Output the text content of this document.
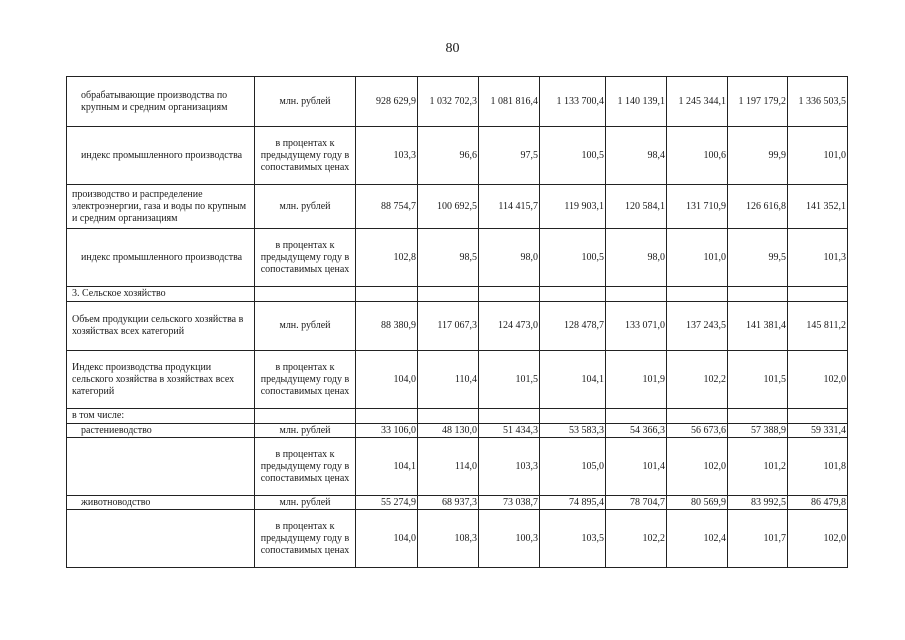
80
обрабатывающие производства по крупным и средним организациям	млн. рублей	928 629,9	1 032 702,3	1 081 816,4	1 133 700,4	1 140 139,1	1 245 344,1	1 197 179,2	1 336 503,5
индекс промышленного производства	в процентах к предыдущему году в сопоставимых ценах	103,3	96,6	97,5	100,5	98,4	100,6	99,9	101,0
производство и распределение электроэнергии, газа и воды по крупным и средним организациям	млн. рублей	88 754,7	100 692,5	114 415,7	119 903,1	120 584,1	131 710,9	126 616,8	141 352,1
индекс промышленного производства	в процентах к предыдущему году в сопоставимых ценах	102,8	98,5	98,0	100,5	98,0	101,0	99,5	101,3
3. Сельское хозяйство									
Объем продукции сельского хозяйства в хозяйствах всех категорий	млн. рублей	88 380,9	117 067,3	124 473,0	128 478,7	133 071,0	137 243,5	141 381,4	145 811,2
Индекс производства продукции сельского хозяйства в хозяйствах всех категорий	в процентах к предыдущему году в сопоставимых ценах	104,0	110,4	101,5	104,1	101,9	102,2	101,5	102,0
в том числе:									
растениеводство	млн. рублей	33 106,0	48 130,0	51 434,3	53 583,3	54 366,3	56 673,6	57 388,9	59 331,4
	в процентах к предыдущему году в сопоставимых ценах	104,1	114,0	103,3	105,0	101,4	102,0	101,2	101,8
животноводство	млн. рублей	55 274,9	68 937,3	73 038,7	74 895,4	78 704,7	80 569,9	83 992,5	86 479,8
	в процентах к предыдущему году в сопоставимых ценах	104,0	108,3	100,3	103,5	102,2	102,4	101,7	102,0
